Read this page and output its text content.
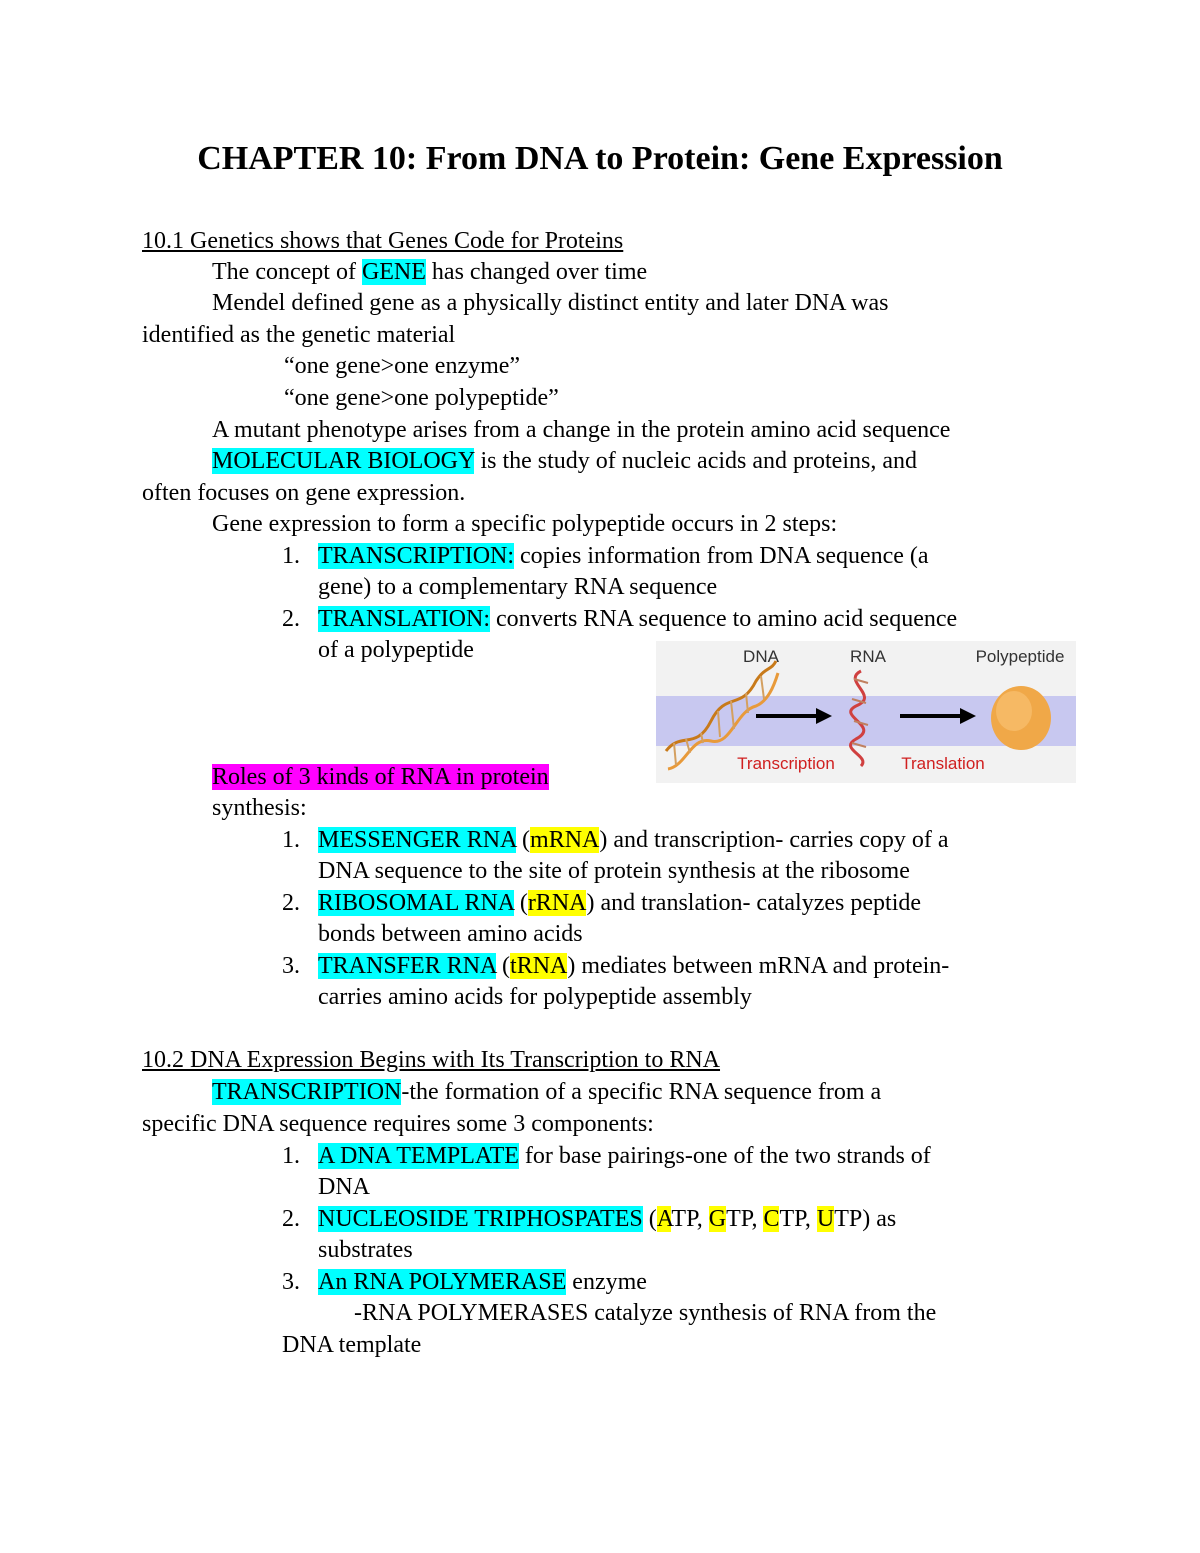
CHAPTER 10: From DNA to Protein: Gene Expression
10.1 Genetics shows that Genes Code for Proteins
The concept of GENE has changed over time
Mendel defined gene as a physically distinct entity and later DNA was
identified as the genetic material
“one gene>one enzyme”
“one gene>one polypeptide”
A mutant phenotype arises from a change in the protein amino acid sequence
MOLECULAR BIOLOGY is the study of nucleic acids and proteins, and
often focuses on gene expression.
Gene expression to form a specific polypeptide occurs in 2 steps:
1. TRANSCRIPTION: copies information from DNA sequence (a
gene) to a complementary RNA sequence
2. TRANSLATION: converts RNA sequence to amino acid sequence
of a polypeptide	DNA	RNA	Polypeptide
Transcription	Translation
Roles of 3 kinds of RNA in protein
synthesis:
1. MESSENGER RNA (mRNA) and transcription- carries copy of a
DNA sequence to the site of protein synthesis at the ribosome
2. RIBOSOMAL RNA (rRNA) and translation- catalyzes peptide
bonds between amino acids
3. TRANSFER RNA (tRNA) mediates between mRNA and protein-
carries amino acids for polypeptide assembly
10.2 DNA Expression Begins with Its Transcription to RNA
TRANSCRIPTION-the formation of a specific RNA sequence from a
specific DNA sequence requires some 3 components:
1. A DNA TEMPLATE for base pairings-one of the two strands of
DNA
2. NUCLEOSIDE TRIPHOSPATES (ATP, GTP, CTP, UTP) as
substrates
3. An RNA POLYMERASE enzyme
-RNA POLYMERASES catalyze synthesis of RNA from the
DNA template
